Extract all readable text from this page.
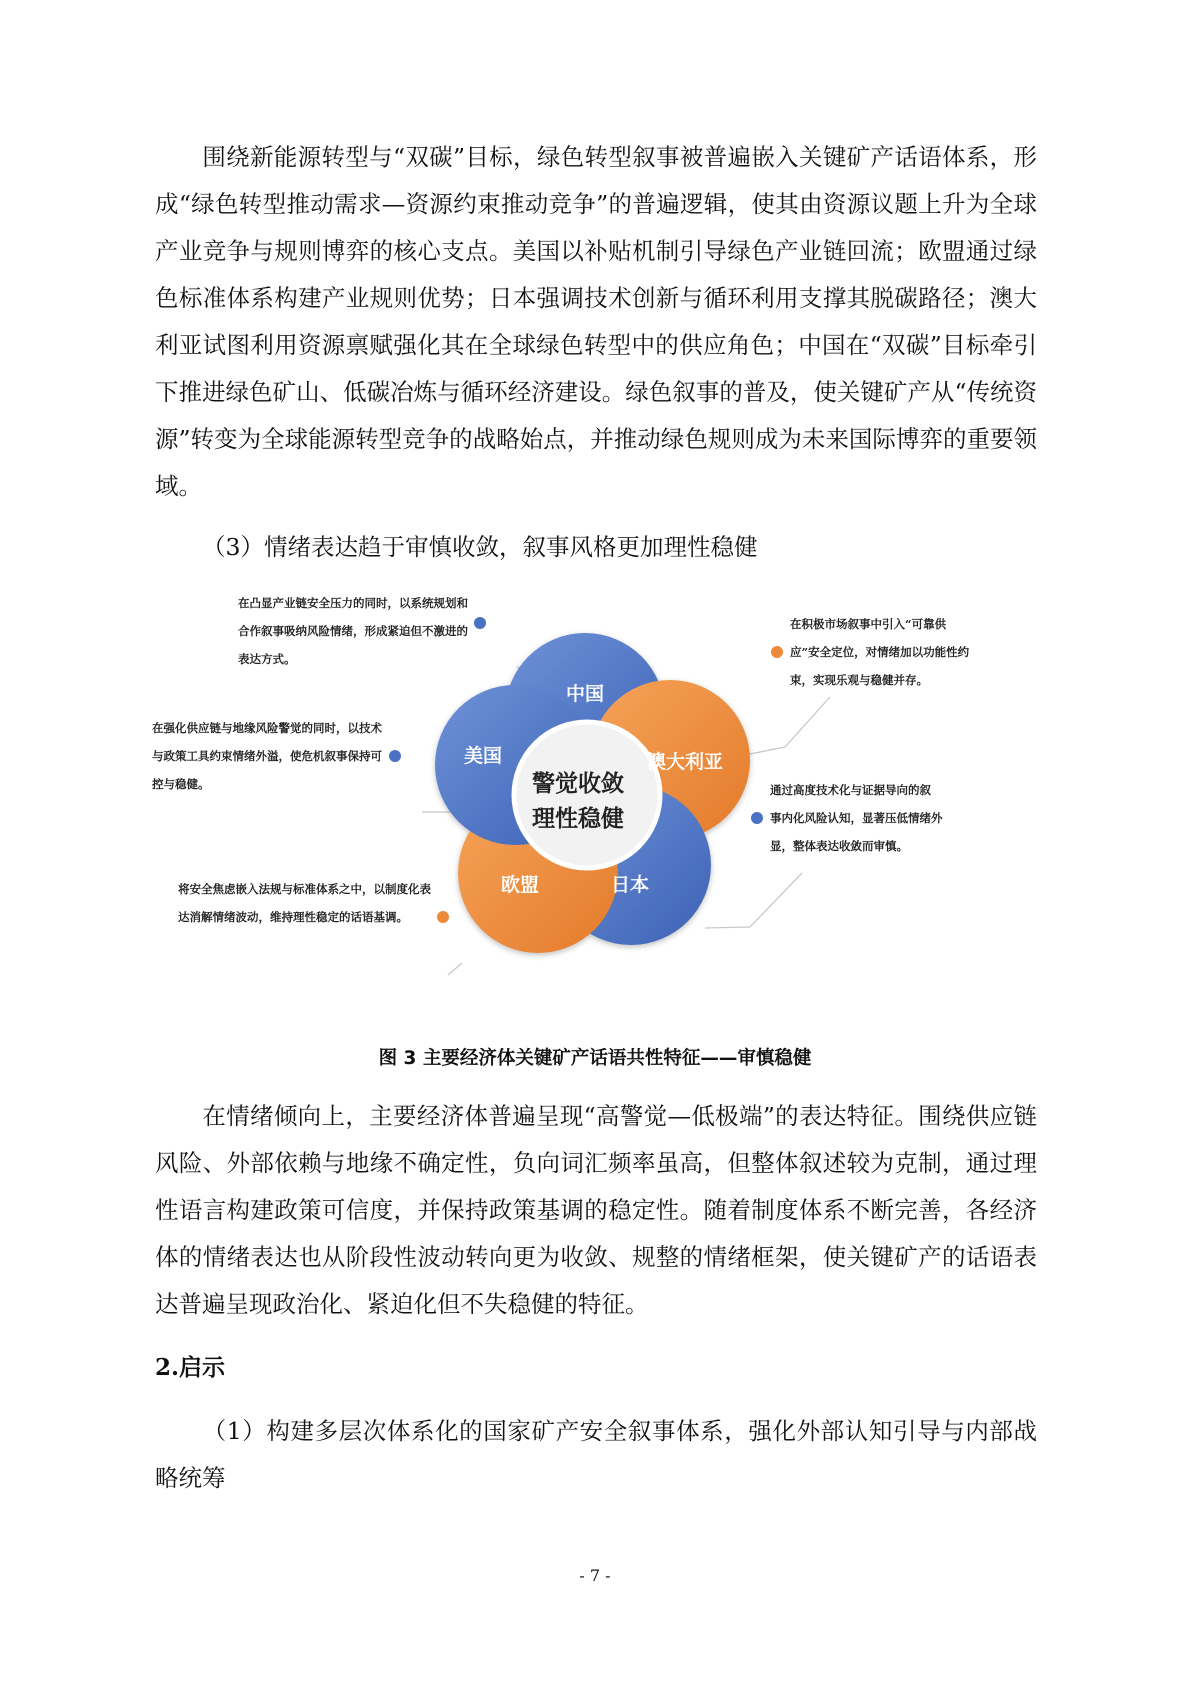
围绕新能源转型与“双碳”目标，绿色转型叙事被普遍嵌入关键矿产话语体系，形成“绿色转型推动需求—资源约束推动竞争”的普遍逻辑，使其由资源议题上升为全球产业竞争与规则博弈的核心支点。美国以补贴机制引导绿色产业链回流；欧盟通过绿色标准体系构建产业规则优势；日本强调技术创新与循环利用支撑其脱碳路径；澳大利亚试图利用资源禀赋强化其在全球绿色转型中的供应角色；中国在“双碳”目标牵引下推进绿色矿山、低碳冶炼与循环经济建设。绿色叙事的普及，使关键矿产从“传统资源”转变为全球能源转型竞争的战略始点，并推动绿色规则成为未来国际博弈的重要领域。

（3）情绪表达趋于审慎收敛，叙事风格更加理性稳健

中国
澳大利亚
日本
欧盟
美国
警觉收敛
理性稳健
在凸显产业链安全压力的同时，以系统规划和
合作叙事吸纳风险情绪，形成紧迫但不激进的
表达方式。
在积极市场叙事中引入“可靠供
应”安全定位，对情绪加以功能性约
束，实现乐观与稳健并存。
在强化供应链与地缘风险警觉的同时，以技术
与政策工具约束情绪外溢，使危机叙事保持可
控与稳健。	通过高度技术化与证据导向的叙
事内化风险认知，显著压低情绪外
显，整体表达收敛而审慎。
将安全焦虑嵌入法规与标准体系之中，以制度化表
达消解情绪波动，维持理性稳定的话语基调。
图 3 主要经济体关键矿产话语共性特征——审慎稳健

在情绪倾向上，主要经济体普遍呈现“高警觉—低极端”的表达特征。围绕供应链风险、外部依赖与地缘不确定性，负向词汇频率虽高，但整体叙述较为克制，通过理性语言构建政策可信度，并保持政策基调的稳定性。随着制度体系不断完善，各经济体的情绪表达也从阶段性波动转向更为收敛、规整的情绪框架，使关键矿产的话语表达普遍呈现政治化、紧迫化但不失稳健的特征。

2.启示

（1）构建多层次体系化的国家矿产安全叙事体系，强化外部认知引导与内部战略统筹

- 7 -
